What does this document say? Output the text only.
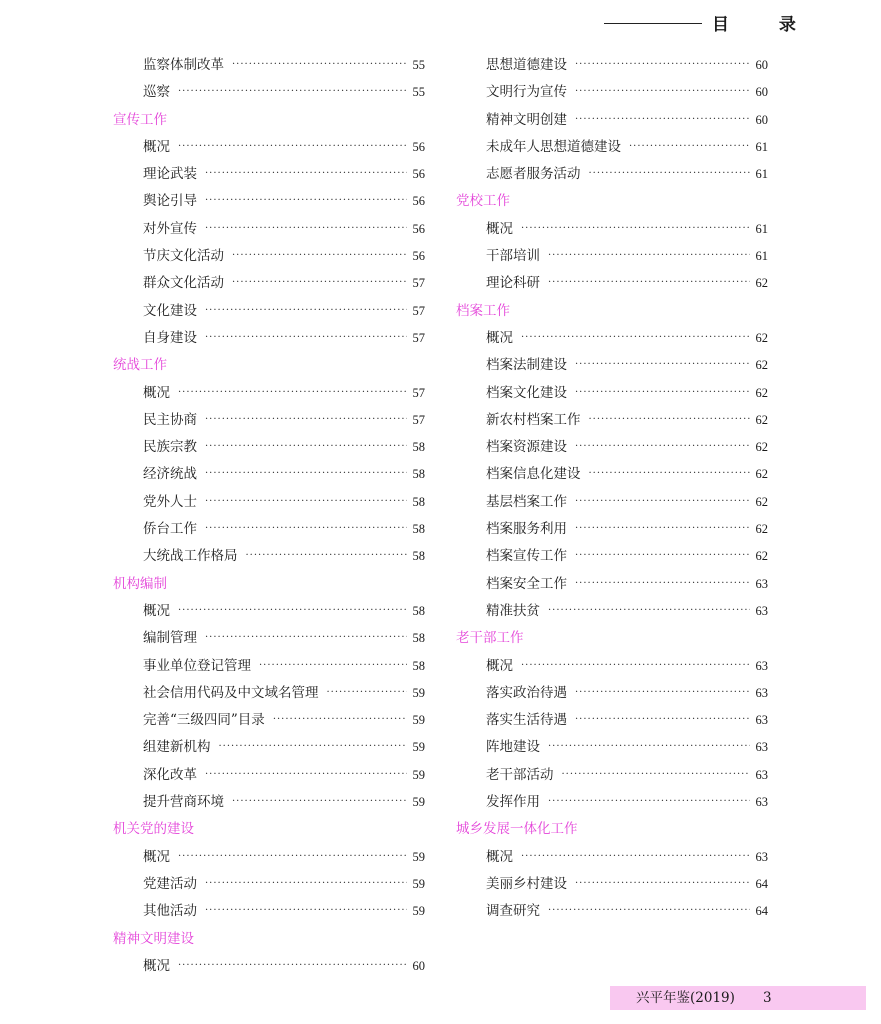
目 录
监察体制改革 ·····	55
巡察 ·····	55
宣传工作
概况 ·····	56
理论武装 ·····	56
舆论引导 ·····	56
对外宣传 ·····	56
节庆文化活动 ·····	56
群众文化活动 ·····	57
文化建设 ·····	57
自身建设 ·····	57
统战工作
概况 ·····	57
民主协商 ·····	57
民族宗教 ·····	58
经济统战 ·····	58
党外人士 ·····	58
侨台工作 ·····	58
大统战工作格局 ·····	58
机构编制
概况 ·····	58
编制管理 ·····	58
事业单位登记管理 ·····	58
社会信用代码及中文域名管理 ·····	59
完善“三级四同”目录 ·····	59
组建新机构 ·····	59
深化改革 ·····	59
提升营商环境 ·····	59
机关党的建设
概况 ·····	59
党建活动 ·····	59
其他活动 ·····	59
精神文明建设
概况 ·····	60
思想道德建设 ·····	60
文明行为宣传 ·····	60
精神文明创建 ·····	60
未成年人思想道德建设 ·····	61
志愿者服务活动 ·····	61
党校工作
概况 ·····	61
干部培训 ·····	61
理论科研 ·····	62
档案工作
概况 ·····	62
档案法制建设 ·····	62
档案文化建设 ·····	62
新农村档案工作 ·····	62
档案资源建设 ·····	62
档案信息化建设 ·····	62
基层档案工作 ·····	62
档案服务利用 ·····	62
档案宣传工作 ·····	62
档案安全工作 ·····	63
精准扶贫 ·····	63
老干部工作
概况 ·····	63
落实政治待遇 ·····	63
落实生活待遇 ·····	63
阵地建设 ·····	63
老干部活动 ·····	63
发挥作用 ·····	63
城乡发展一体化工作
概况 ·····	63
美丽乡村建设 ·····	64
调查研究 ·····	64
兴平年鉴(2019) 3
